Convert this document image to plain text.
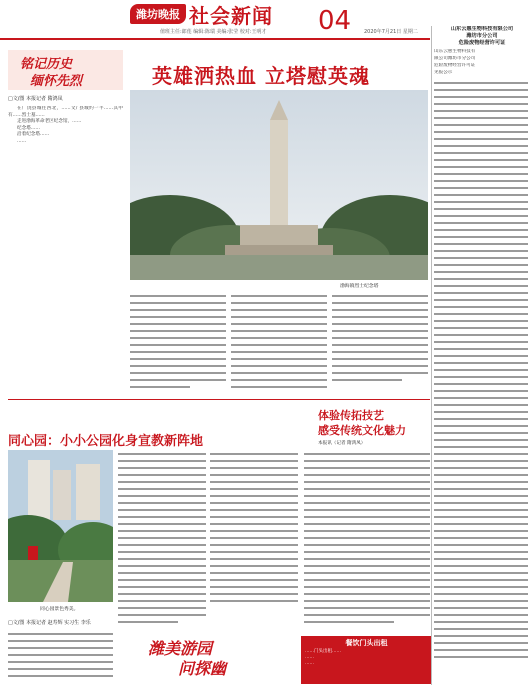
潍坊晚报 社会新闻 04
值班主任:郎莲 编辑:陈瑞 美编:张莹 校对:王明才	2020年7月21日 星期二
铭记历史
缅怀先烈	英雄洒热血 立塔慰英魂
□文/图 本报记者 隋鸿凤

在广饶县城往西北，……文/ 县城约一半……其中有……烈士墓……

走进渤海革命老区纪念馆，……

纪念塔……

沿着纪念塔……

……

渤海镇烈士纪念塔
同心园：小小公园化身宣教新阵地
同心园景色秀美。
□文/图 本报记者 赵寿辉 实习生 李乐
体验传拓技艺
感受传统文化魅力
本报讯（记者 隋鸿凤）
潍美游园
问探幽
餐饮门头出租
……门头出租……
……
……
山东云惠生物科技有限公司
潍坊市分公司
危险废物经营许可证
山东云惠生物科技有
限公司潍坊市分公司
危险废物经营许可证
见报公示
